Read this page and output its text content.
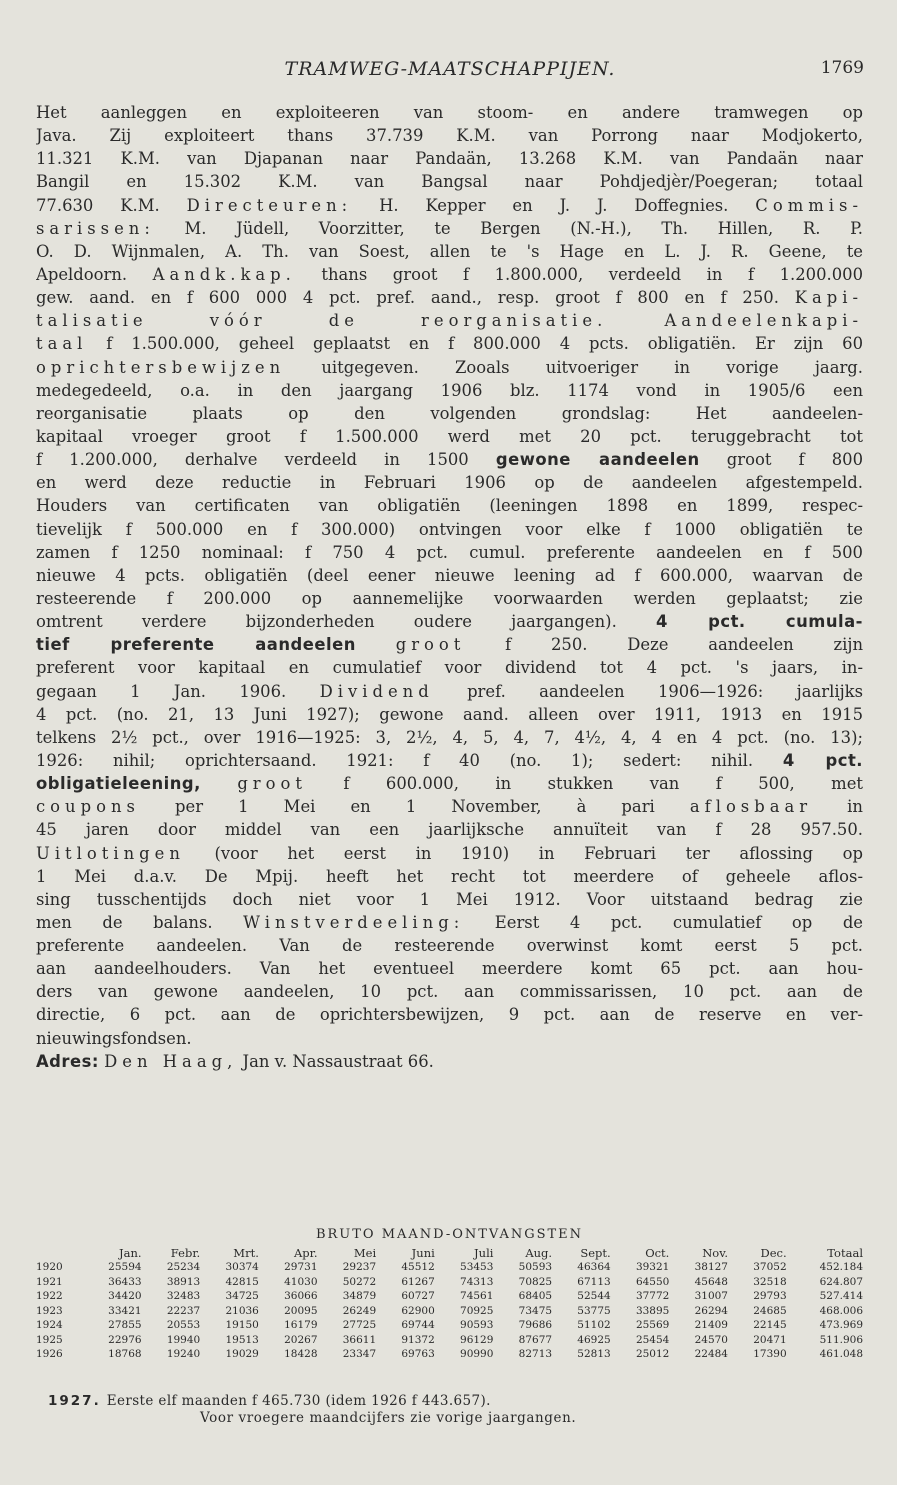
TRAMWEG-MAATSCHAPPIJEN.	1769
Het aanleggen en exploiteeren van stoom- en andere tramwegen op
Java. Zij exploiteert thans 37.739 K.M. van Porrong naar Modjokerto,
11.321 K.M. van Djapanan naar Pandaän, 13.268 K.M. van Pandaän naar
Bangil en 15.302 K.M. van Bangsal naar Pohdjedjèr/Poegeran; totaal
77.630 K.M. Directeuren: H. Kepper en J. J. Doffegnies. Commis-
sarissen: M. Jüdell, Voorzitter, te Bergen (N.-H.), Th. Hillen, R. P.
O. D. Wijnmalen, A. Th. van Soest, allen te 's Hage en L. J. R. Geene, te
Apeldoorn. Aandk.kap. thans groot f 1.800.000, verdeeld in f 1.200.000
gew. aand. en f 600 000 4 pct. pref. aand., resp. groot f 800 en f 250. Kapi-
talisatie vóór de reorganisatie.	Aandeelenkapi-
taal f 1.500.000, geheel geplaatst en f 800.000 4 pcts. obligatiën. Er zijn 60
oprichtersbewijzen uitgegeven. Zooals uitvoeriger in vorige jaarg.
medegedeeld, o.a. in den jaargang 1906 blz. 1174 vond in 1905/6 een
reorganisatie plaats op den volgenden grondslag: Het aandeelen-
kapitaal vroeger groot f 1.500.000 werd met 20 pct. teruggebracht tot
f 1.200.000, derhalve verdeeld in 1500 gewone aandeelen groot f 800
en werd deze reductie in Februari 1906 op de aandeelen afgestempeld.
Houders van certificaten van obligatiën (leeningen 1898 en 1899, respec-
tievelijk f 500.000 en f 300.000) ontvingen voor elke f 1000 obligatiën te
zamen f 1250 nominaal: f 750 4 pct. cumul. preferente aandeelen en f 500
nieuwe 4 pcts. obligatiën (deel eener nieuwe leening ad f 600.000, waarvan de
resteerende f 200.000 op aannemelijke voorwaarden werden geplaatst; zie
omtrent verdere bijzonderheden oudere jaargangen). 4 pct. cumula-
tief preferente aandeelen groot f 250. Deze aandeelen zijn
preferent voor kapitaal en cumulatief voor dividend tot 4 pct. 's jaars, in-
gegaan 1 Jan. 1906. Dividend pref. aandeelen 1906—1926: jaarlijks
4 pct. (no. 21, 13 Juni 1927); gewone aand. alleen over 1911, 1913 en 1915
telkens 2½ pct., over 1916—1925: 3, 2½, 4, 5, 4, 7, 4½, 4, 4 en 4 pct. (no. 13);
1926: nihil; oprichtersaand. 1921: f 40 (no. 1); sedert: nihil. 4 pct.
obligatieleening, groot f 600.000, in stukken van f 500, met
coupons per 1 Mei en 1 November, à pari aflosbaar in
45 jaren door middel van een jaarlijksche annuïteit van f 28 957.50.
Uitlotingen (voor het eerst in 1910) in Februari ter aflossing op
1 Mei d.a.v. De Mpij. heeft het recht tot meerdere of geheele aflos-
sing tusschentijds doch niet voor 1 Mei 1912. Voor uitstaand bedrag zie
men de balans. Winstverdeeling: Eerst 4 pct. cumulatief op de
preferente aandeelen. Van de resteerende overwinst komt eerst 5 pct.
aan aandeelhouders. Van het eventueel meerdere komt 65 pct. aan hou-
ders van gewone aandeelen, 10 pct. aan commissarissen, 10 pct. aan de
directie, 6 pct. aan de oprichtersbewijzen, 9 pct. aan de reserve en ver-
nieuwingsfondsen.
Adres: Den Haag, Jan v. Nassaustraat 66.
BRUTO MAAND-ONTVANGSTEN
	Jan.	Febr.	Mrt.	Apr.	Mei	Juni	Juli	Aug.	Sept.	Oct.	Nov.	Dec.	Totaal
1920	25594	25234	30374	29731	29237	45512	53453	50593	46364	39321	38127	37052	452.184
1921	36433	38913	42815	41030	50272	61267	74313	70825	67113	64550	45648	32518	624.807
1922	34420	32483	34725	36066	34879	60727	74561	68405	52544	37772	31007	29793	527.414
1923	33421	22237	21036	20095	26249	62900	70925	73475	53775	33895	26294	24685	468.006
1924	27855	20553	19150	16179	27725	69744	90593	79686	51102	25569	21409	22145	473.969
1925	22976	19940	19513	20267	36611	91372	96129	87677	46925	25454	24570	20471	511.906
1926	18768	19240	19029	18428	23347	69763	90990	82713	52813	25012	22484	17390	461.048
1927. Eerste elf maanden f 465.730 (idem 1926 f 443.657).
Voor vroegere maandcijfers zie vorige jaargangen.
